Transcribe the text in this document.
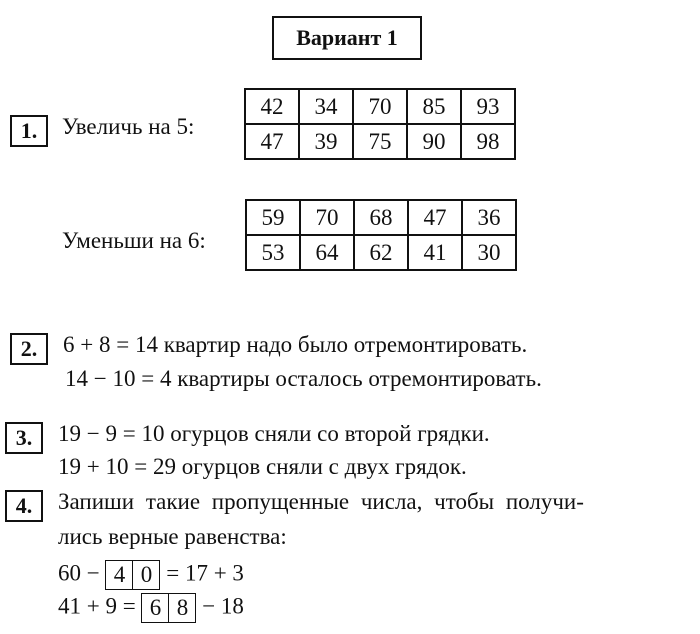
Вариант 1
1.	Увеличь на 5:
42	34	70	85	93
47	39	75	90	98
Уменьши на 6:
59	70	68	47	36
53	64	62	41	30
2.	6 + 8 = 14 квартир надо было отремонтировать.
14 − 10 = 4 квартиры осталось отремонтировать.
3.	19 − 9 = 10 огурцов сняли со второй грядки.
19 + 10 = 29 огурцов сняли с двух грядок.
4.	Запиши такие пропущенные числа, чтобы получи-
лись верные равенства:
60 − 4 0 = 17 + 3
41 + 9 = 6 8 − 18
